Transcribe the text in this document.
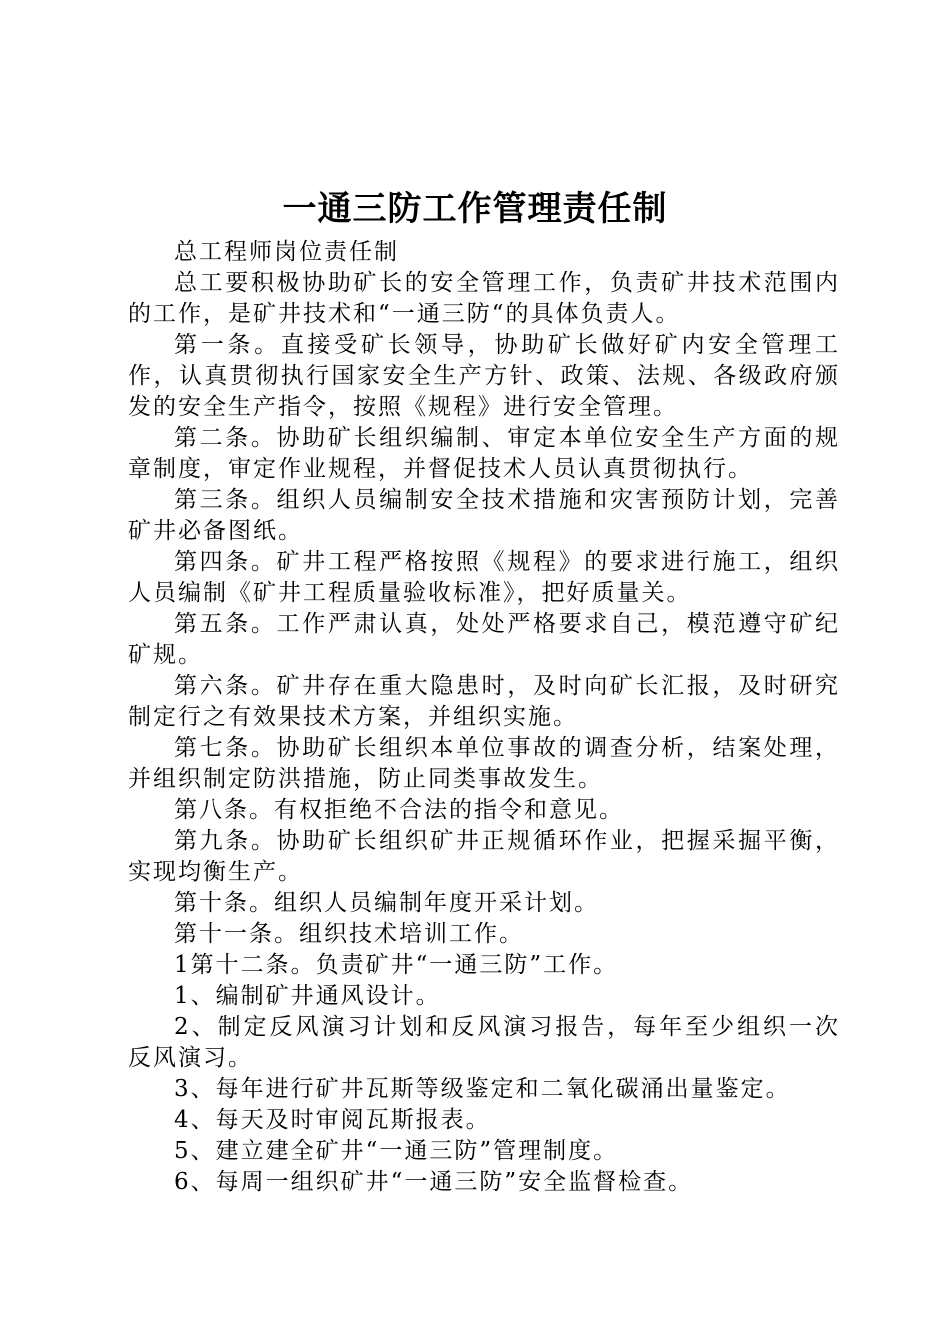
一通三防工作管理责任制

总工程师岗位责任制

总工要积极协助矿长的安全管理工作，负责矿井技术范围内的工作，是矿井技术和“一通三防“的具体负责人。

第一条。直接受矿长领导，协助矿长做好矿内安全管理工作，认真贯彻执行国家安全生产方针、政策、法规、各级政府颁发的安全生产指令，按照《规程》进行安全管理。

第二条。协助矿长组织编制、审定本单位安全生产方面的规章制度，审定作业规程，并督促技术人员认真贯彻执行。

第三条。组织人员编制安全技术措施和灾害预防计划，完善矿井必备图纸。

第四条。矿井工程严格按照《规程》的要求进行施工，组织人员编制《矿井工程质量验收标准》，把好质量关。

第五条。工作严肃认真，处处严格要求自己，模范遵守矿纪矿规。

第六条。矿井存在重大隐患时，及时向矿长汇报，及时研究制定行之有效果技术方案，并组织实施。

第七条。协助矿长组织本单位事故的调查分析，结案处理，并组织制定防洪措施，防止同类事故发生。

第八条。有权拒绝不合法的指令和意见。

第九条。协助矿长组织矿井正规循环作业，把握采掘平衡，实现均衡生产。

第十条。组织人员编制年度开采计划。

第十一条。组织技术培训工作。

1第十二条。负责矿井“一通三防”工作。

1、编制矿井通风设计。

2、制定反风演习计划和反风演习报告，每年至少组织一次反风演习。

3、每年进行矿井瓦斯等级鉴定和二氧化碳涌出量鉴定。

4、每天及时审阅瓦斯报表。

5、建立建全矿井“一通三防”管理制度。

6、每周一组织矿井“一通三防”安全监督检查。
